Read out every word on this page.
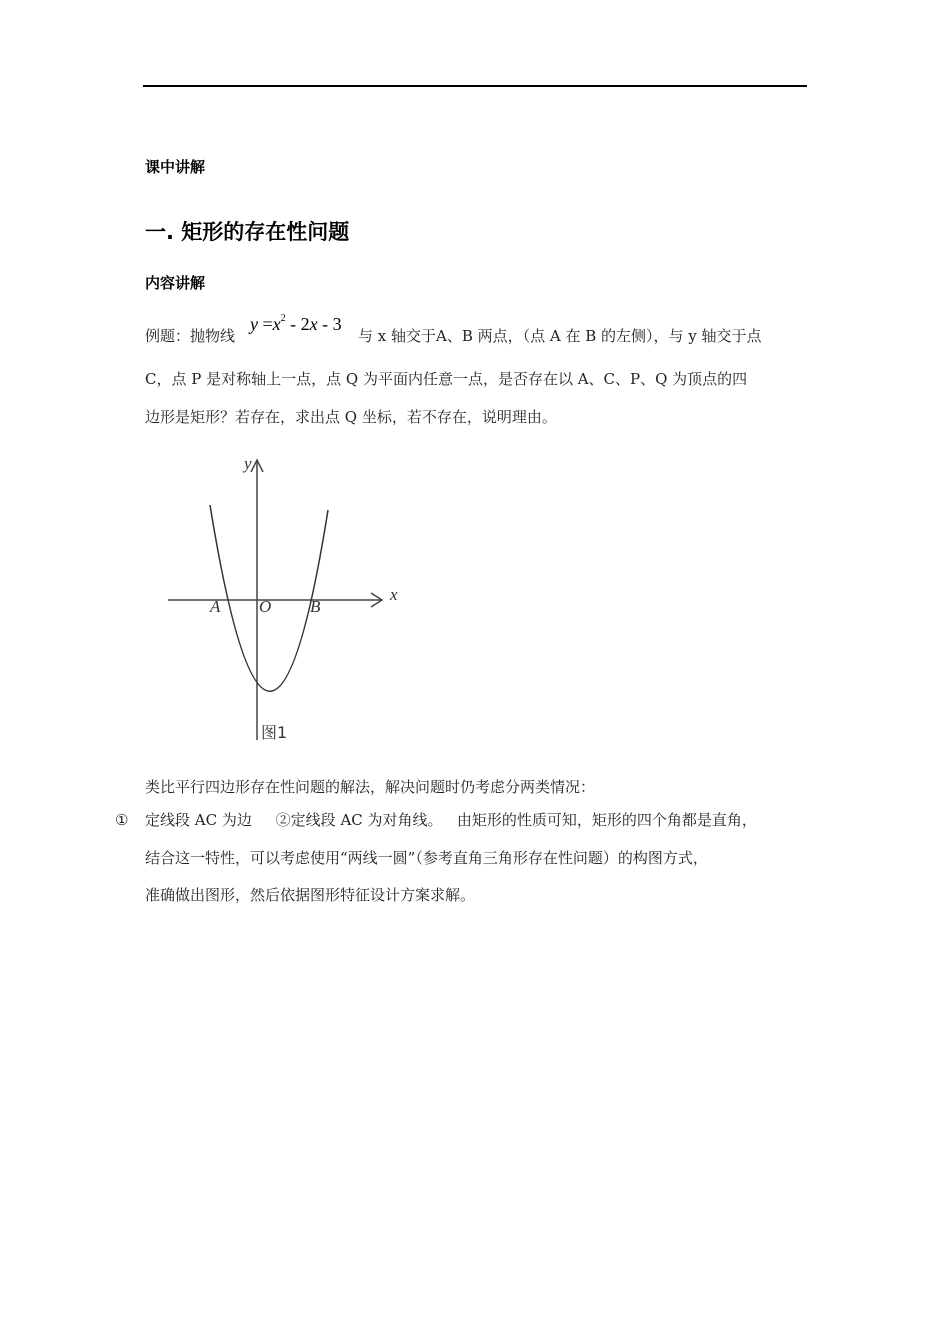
课中讲解
一. 矩形的存在性问题
内容讲解
例题：抛物线
$y =x^2 - 2x - 3$
与 x 轴交于A、B 两点，（点 A 在 B 的左侧），与 y 轴交于点
C，点 P 是对称轴上一点，点 Q 为平面内任意一点，是否存在以 A、C、P、Q 为顶点的四
边形是矩形？若存在，求出点 Q 坐标，若不存在，说明理由。
x
y
A O B
图1
类比平行四边形存在性问题的解法，解决问题时仍考虑分两类情况：
① 定线段 AC 为边     ②定线段 AC 为对角线。   由矩形的性质可知，矩形的四个角都是直角，
结合这一特性，可以考虑使用“两线一圆”（参考直角三角形存在性问题）的构图方式，
准确做出图形，然后依据图形特征设计方案求解。
